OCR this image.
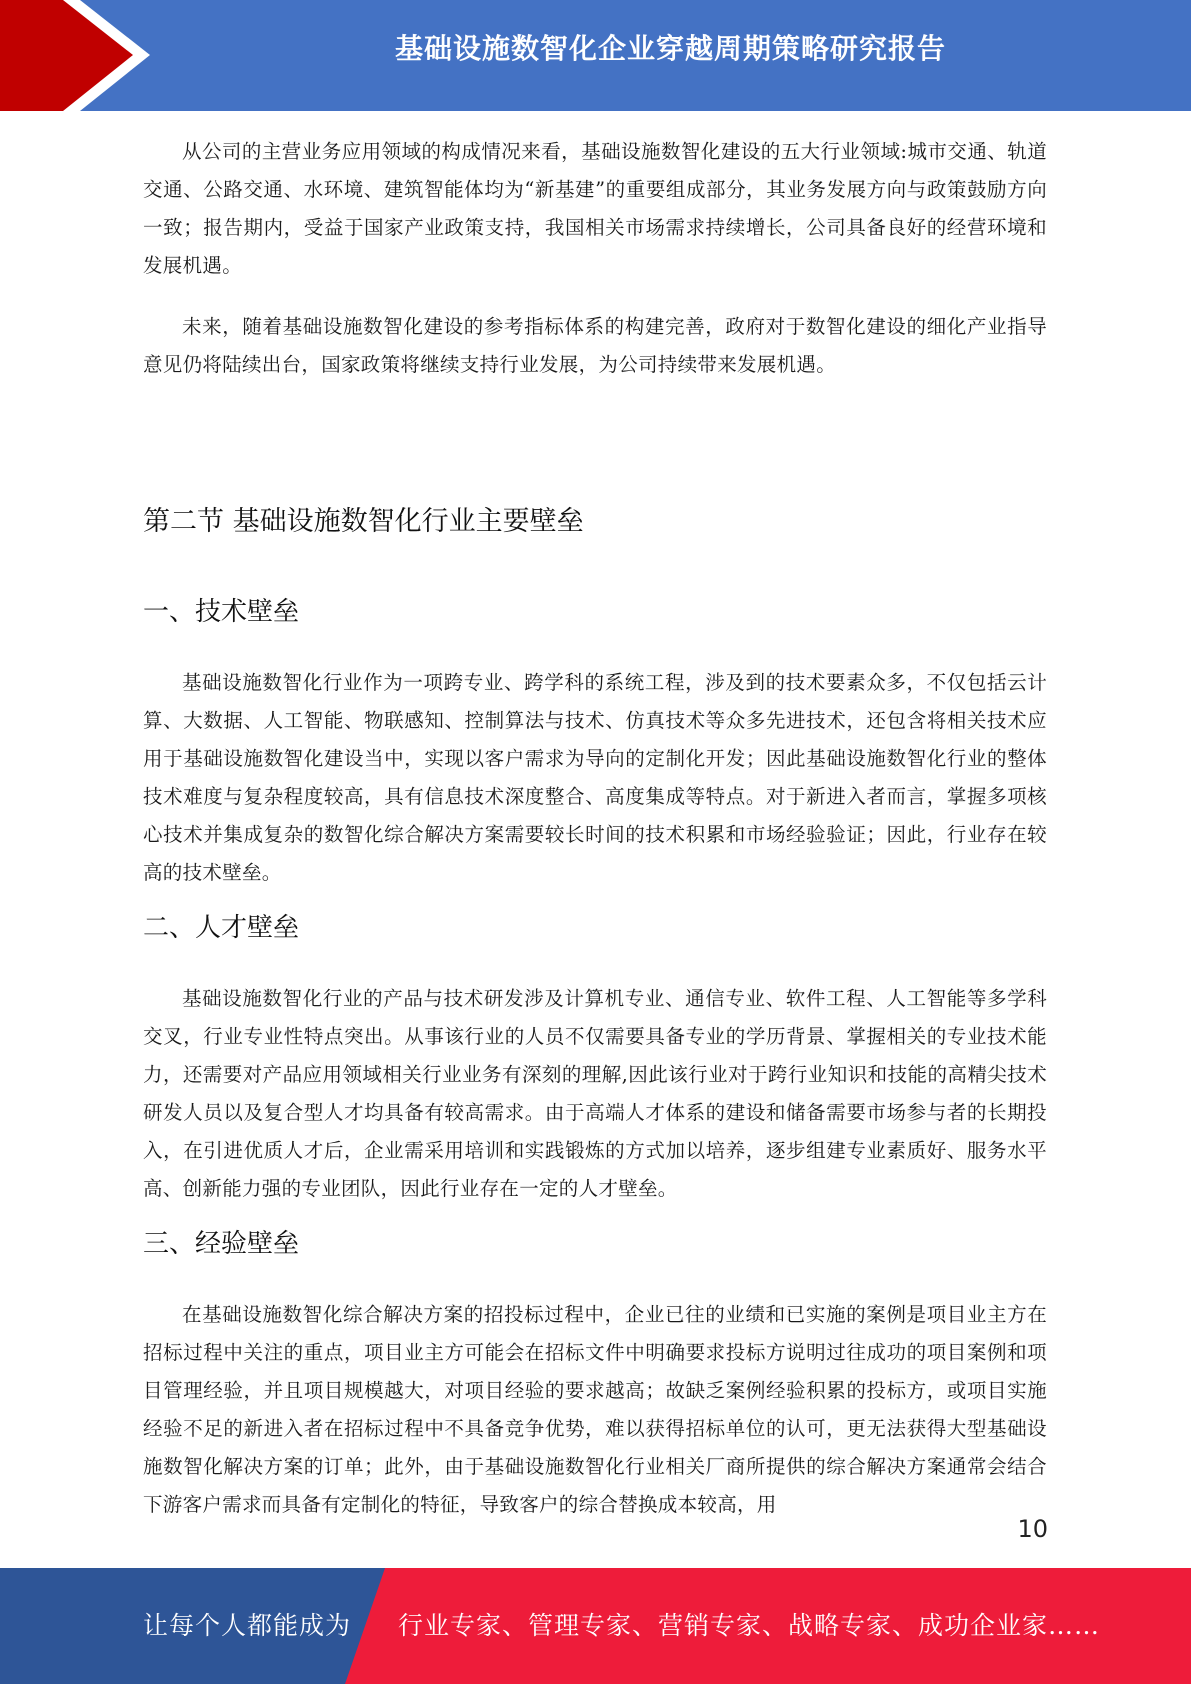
基础设施数智化企业穿越周期策略研究报告

从公司的主营业务应用领域的构成情况来看，基础设施数智化建设的五大行业领域:城市交通、轨道交通、公路交通、水环境、建筑智能体均为“新基建”的重要组成部分，其业务发展方向与政策鼓励方向一致；报告期内，受益于国家产业政策支持，我国相关市场需求持续增长，公司具备良好的经营环境和发展机遇。

未来，随着基础设施数智化建设的参考指标体系的构建完善，政府对于数智化建设的细化产业指导意见仍将陆续出台，国家政策将继续支持行业发展，为公司持续带来发展机遇。

第二节 基础设施数智化行业主要壁垒
一、技术壁垒

基础设施数智化行业作为一项跨专业、跨学科的系统工程，涉及到的技术要素众多，不仅包括云计算、大数据、人工智能、物联感知、控制算法与技术、仿真技术等众多先进技术，还包含将相关技术应用于基础设施数智化建设当中，实现以客户需求为导向的定制化开发；因此基础设施数智化行业的整体技术难度与复杂程度较高，具有信息技术深度整合、高度集成等特点。对于新进入者而言，掌握多项核心技术并集成复杂的数智化综合解决方案需要较长时间的技术积累和市场经验验证；因此，行业存在较高的技术壁垒。

二、人才壁垒

基础设施数智化行业的产品与技术研发涉及计算机专业、通信专业、软件工程、人工智能等多学科交叉，行业专业性特点突出。从事该行业的人员不仅需要具备专业的学历背景、掌握相关的专业技术能力，还需要对产品应用领域相关行业业务有深刻的理解,因此该行业对于跨行业知识和技能的高精尖技术研发人员以及复合型人才均具备有较高需求。由于高端人才体系的建设和储备需要市场参与者的长期投入，在引进优质人才后，企业需采用培训和实践锻炼的方式加以培养，逐步组建专业素质好、服务水平高、创新能力强的专业团队，因此行业存在一定的人才壁垒。

三、经验壁垒

在基础设施数智化综合解决方案的招投标过程中，企业已往的业绩和已实施的案例是项目业主方在招标过程中关注的重点，项目业主方可能会在招标文件中明确要求投标方说明过往成功的项目案例和项目管理经验，并且项目规模越大，对项目经验的要求越高；故缺乏案例经验积累的投标方，或项目实施经验不足的新进入者在招标过程中不具备竞争优势，难以获得招标单位的认可，更无法获得大型基础设施数智化解决方案的订单；此外，由于基础设施数智化行业相关厂商所提供的综合解决方案通常会结合下游客户需求而具备有定制化的特征，导致客户的综合替换成本较高，用

10
让每个人都能成为 行业专家、管理专家、营销专家、战略专家、成功企业家……
